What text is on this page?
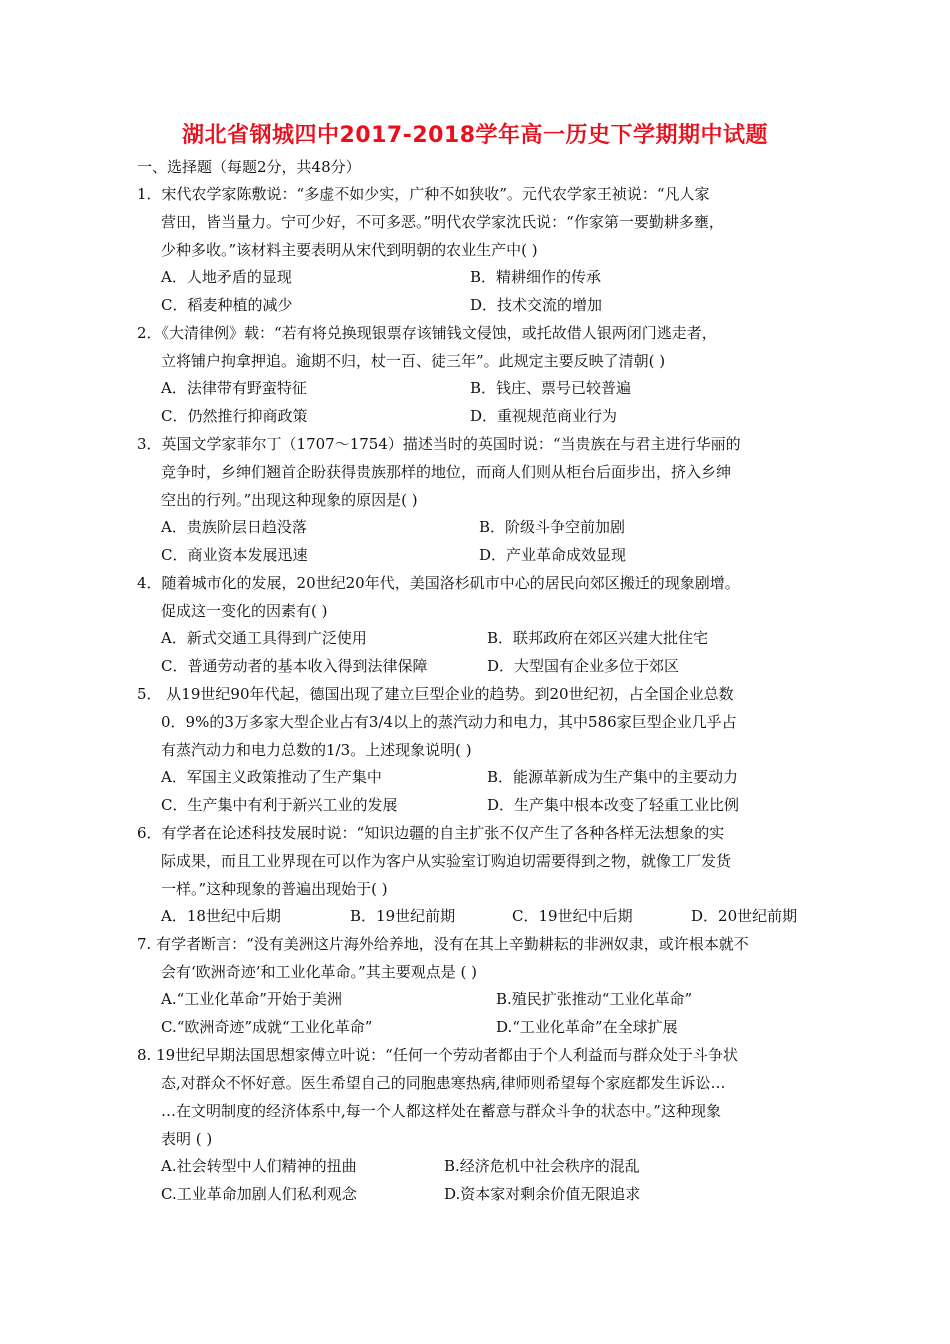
湖北省钢城四中2017-2018学年高一历史下学期期中试题
一、选择题（每题2分，共48分）
1．宋代农学家陈敷说：“多虚不如少实，广种不如狭收”。元代农学家王祯说：“凡人家
营田，皆当量力。宁可少好，不可多恶。”明代农学家沈氏说：“作家第一要勤耕多壅，
少种多收。”该材料主要表明从宋代到明朝的农业生产中( )
A．人地矛盾的显现	B．精耕细作的传承
C．稻麦种植的减少	D．技术交流的增加
2．《大清律例》载：“若有将兑换现银票存该铺钱文侵蚀，或托故借人银两闭门逃走者，
立将铺户拘拿押追。逾期不归，杖一百、徒三年”。此规定主要反映了清朝( )
A．法律带有野蛮特征	B．钱庄、票号已较普遍
C．仍然推行抑商政策	D．重视规范商业行为
3．英国文学家菲尔丁（1707～1754）描述当时的英国时说：“当贵族在与君主进行华丽的
竞争时，乡绅们翘首企盼获得贵族那样的地位，而商人们则从柜台后面步出，挤入乡绅
空出的行列。”出现这种现象的原因是( )
A．贵族阶层日趋没落	B．阶级斗争空前加剧
C．商业资本发展迅速	D．产业革命成效显现
4．随着城市化的发展，20世纪20年代，美国洛杉矶市中心的居民向郊区搬迁的现象剧增。
促成这一变化的因素有( )
A．新式交通工具得到广泛使用	B．联邦政府在郊区兴建大批住宅
C．普通劳动者的基本收入得到法律保障	D．大型国有企业多位于郊区
5． 从19世纪90年代起，德国出现了建立巨型企业的趋势。到20世纪初，占全国企业总数
0．9%的3万多家大型企业占有3/4以上的蒸汽动力和电力，其中586家巨型企业几乎占
有蒸汽动力和电力总数的1/3。上述现象说明( )
A．军国主义政策推动了生产集中	B．能源革新成为生产集中的主要动力
C．生产集中有利于新兴工业的发展	D．生产集中根本改变了轻重工业比例
6．有学者在论述科技发展时说：“知识边疆的自主扩张不仅产生了各种各样无法想象的实
际成果，而且工业界现在可以作为客户从实验室订购迫切需要得到之物，就像工厂发货
一样。”这种现象的普遍出现始于( )
A．18世纪中后期	B．19世纪前期	C．19世纪中后期	D．20世纪前期
7. 有学者断言：“没有美洲这片海外给养地，没有在其上辛勤耕耘的非洲奴隶，或许根本就不
会有‘欧洲奇迹’和工业化革命。”其主要观点是 ( )
A.“工业化革命”开始于美洲	B.殖民扩张推动“工业化革命”
C.“欧洲奇迹”成就“工业化革命”	D.“工业化革命”在全球扩展
8. 19世纪早期法国思想家傅立叶说：“任何一个劳动者都由于个人利益而与群众处于斗争状
态,对群众不怀好意。医生希望自己的同胞患寒热病,律师则希望每个家庭都发生诉讼…
…在文明制度的经济体系中,每一个人都这样处在蓄意与群众斗争的状态中。”这种现象
表明 ( )
A.社会转型中人们精神的扭曲	B.经济危机中社会秩序的混乱
C.工业革命加剧人们私利观念	D.资本家对剩余价值无限追求
